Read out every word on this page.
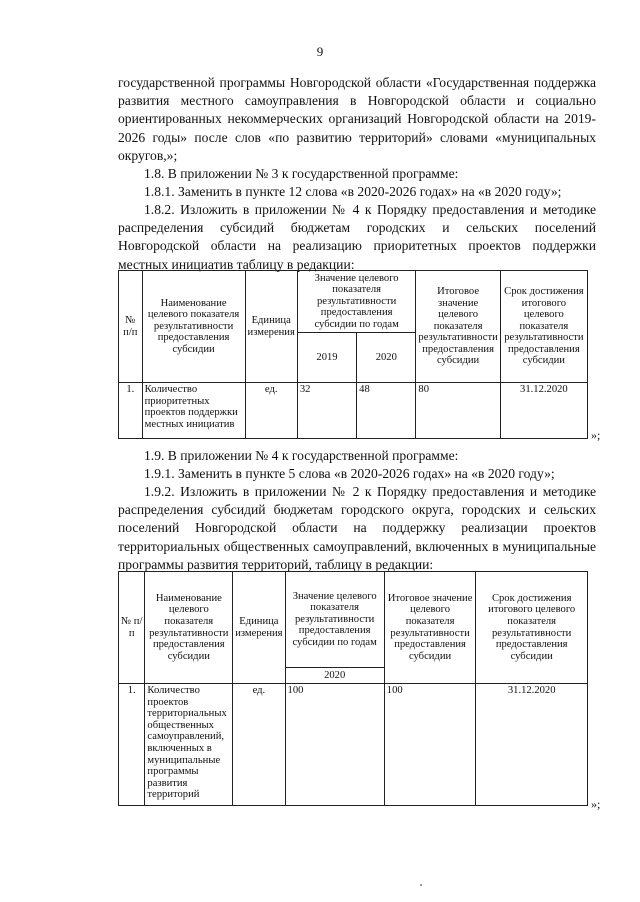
9

государственной программы Новгородской области «Государственная поддержка развития местного самоуправления в Новгородской области и социально ориентированных некоммерческих организаций Новгородской области на 2019-2026 годы» после слов «по развитию территорий» словами «муниципальных округов,»;

1.8. В приложении № 3 к государственной программе:
1.8.1. Заменить в пункте 12 слова «в 2020-2026 годах» на «в 2020 году»;

1.8.2. Изложить в приложении № 4 к Порядку предоставления и методике распределения субсидий бюджетам городских и сельских поселений Новгородской области на реализацию приоритетных проектов поддержки местных инициатив таблицу в редакции:

№ п/п	Наименование целевого показателя результативности предоставления субсидии	Единица измерения	Значение целевого показателя результативности предоставления субсидии по годам		Итоговое значение целевого показателя результативности предоставления субсидии	Срок достижения итогового целевого показателя результативности предоставления субсидии
			2019	2020		
1.	Количество приоритетных проектов поддержки местных инициатив	ед.	32	48	80	31.12.2020
»;
1.9. В приложении № 4 к государственной программе:
1.9.1. Заменить в пункте 5 слова «в 2020-2026 годах» на «в 2020 году»;

1.9.2. Изложить в приложении № 2 к Порядку предоставления и методике распределения субсидий бюджетам городского округа, городских и сельских поселений Новгородской области на поддержку реализации проектов территориальных общественных самоуправлений, включенных в муниципальные программы развития территорий, таблицу в редакции:

№ п/п	Наименование целевого показателя результативности предоставления субсидии	Единица измерения	Значение целевого показателя результативности предоставления субсидии по годам	Итоговое значение целевого показателя результативности предоставления субсидии	Срок достижения итогового целевого показателя результативности предоставления субсидии
			2020		
1.	Количество проектов территориальных общественных самоуправлений, включенных в муниципальные программы развития территорий	ед.	100	100	31.12.2020
»;
